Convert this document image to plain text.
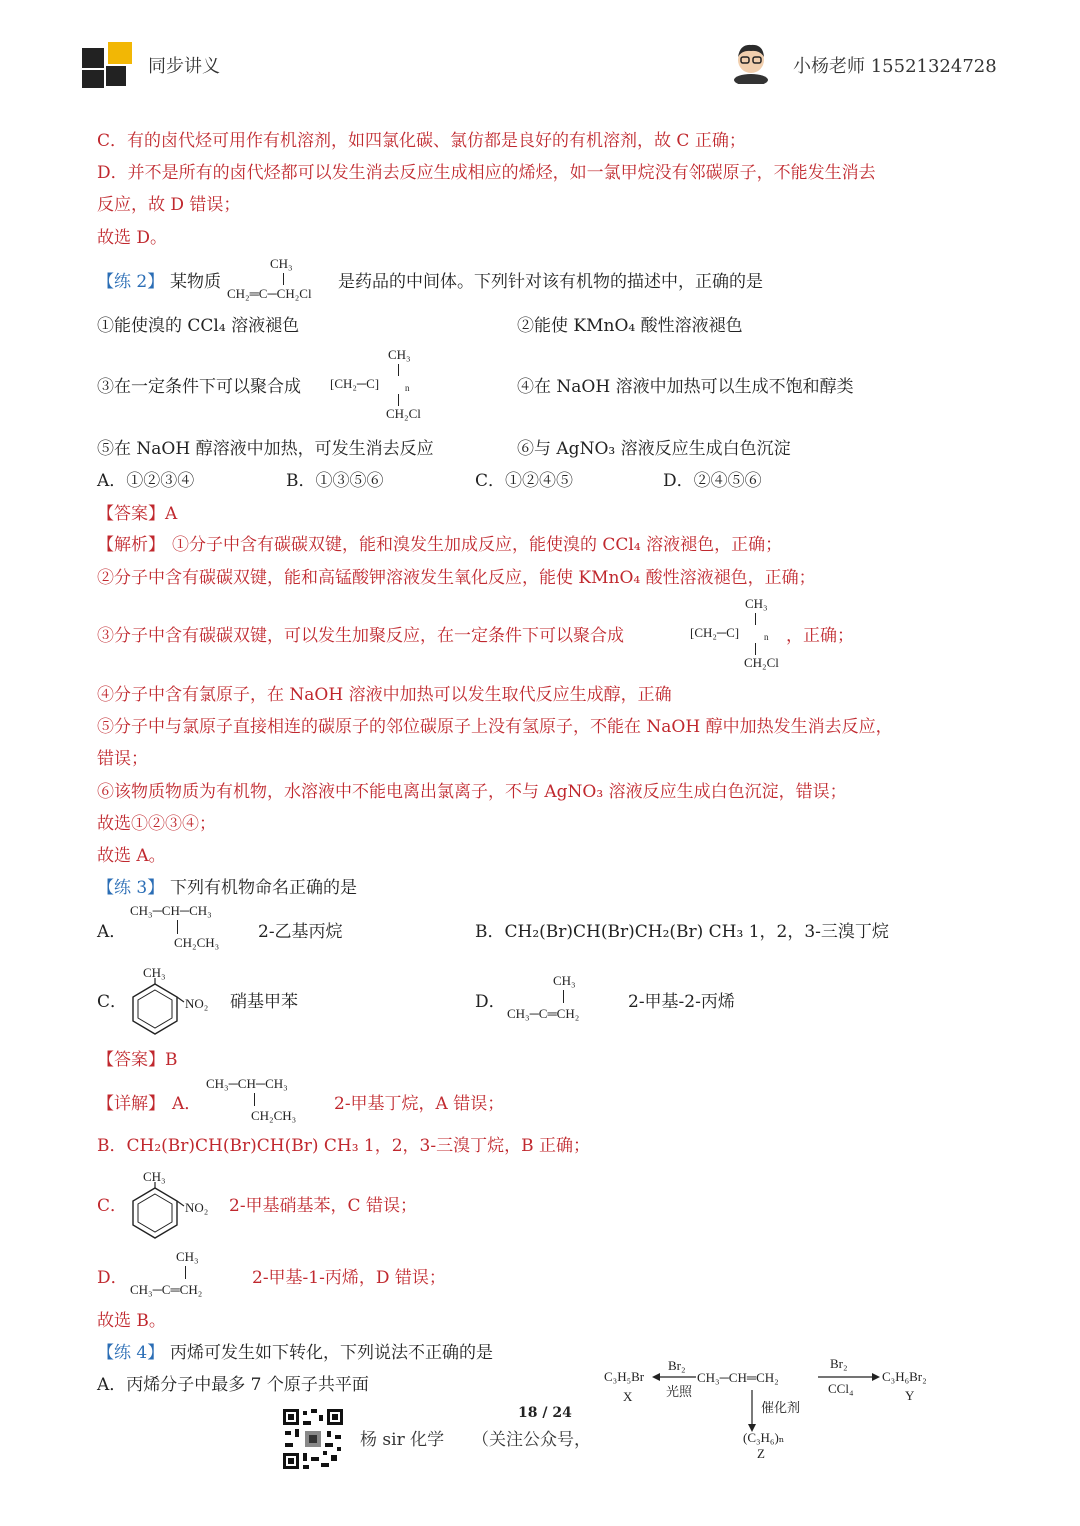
同步讲义	小杨老师 15521324728
C．有的卤代烃可用作有机溶剂，如四氯化碳、氯仿都是良好的有机溶剂，故 C 正确；
D．并不是所有的卤代烃都可以发生消去反应生成相应的烯烃，如一氯甲烷没有邻碳原子，不能发生消去
反应，故 D 错误；
故选 D。
【练 2】 某物质
CH₃
CH₂═C─CH₂Cl
是药品的中间体。下列针对该有机物的描述中，正确的是
①能使溴的 CCl₄ 溶液褪色	②能使 KMnO₄ 酸性溶液褪色
③在一定条件下可以聚合成
CH₃
[CH₂─C]	n
CH₂Cl
④在 NaOH 溶液中加热可以生成不饱和醇类
⑤在 NaOH 醇溶液中加热，可发生消去反应	⑥与 AgNO₃ 溶液反应生成白色沉淀
A．①②③④	B．①③⑤⑥	C．①②④⑤	D．②④⑤⑥
【答案】A
【解析】 ①分子中含有碳碳双键，能和溴发生加成反应，能使溴的 CCl₄ 溶液褪色，正确；
②分子中含有碳碳双键，能和高锰酸钾溶液发生氧化反应，能使 KMnO₄ 酸性溶液褪色，正确；
③分子中含有碳碳双键，可以发生加聚反应，在一定条件下可以聚合成
CH₃
[CH₂─C]	n
CH₂Cl
，正确；
④分子中含有氯原子，在 NaOH 溶液中加热可以发生取代反应生成醇，正确
⑤分子中与氯原子直接相连的碳原子的邻位碳原子上没有氢原子，不能在 NaOH 醇中加热发生消去反应，
错误；
⑥该物质物质为有机物，水溶液中不能电离出氯离子，不与 AgNO₃ 溶液反应生成白色沉淀，错误；
故选①②③④；
故选 A。
【练 3】 下列有机物命名正确的是
A．
CH₃─CH─CH₃
CH₂CH₃
2-乙基丙烷	B．CH₂(Br)CH(Br)CH₂(Br) CH₃ 1，2，3-三溴丁烷
C．
CH₃
NO₂ 硝基甲苯	D．
CH₃
CH₃─C═CH₂
2-甲基-2-丙烯
【答案】B
【详解】 A．
CH₃─CH─CH₃
CH₂CH₃
2-甲基丁烷，A 错误；
B．CH₂(Br)CH(Br)CH(Br) CH₃ 1，2，3-三溴丁烷，B 正确；
C．
CH₃
NO₂ 2-甲基硝基苯，C 错误；
D．
CH₃
CH₃─C═CH₂
2-甲基-1-丙烯，D 错误；
故选 B。
【练 4】 丙烯可发生如下转化，下列说法不正确的是
A．丙烯分子中最多 7 个原子共平面	C₃H₅Br
X
Br₂
光照
CH₃─CH═CH₂
Br₂
CCl₄
C₃H₆Br₂
Y
催化剂
(C₃H₆)ₙ
Z
18 / 24
杨 sir 化学 （关注公众号，
